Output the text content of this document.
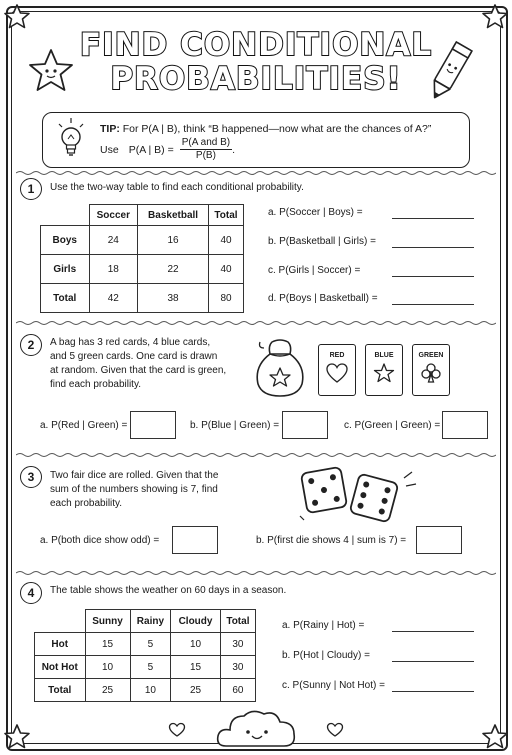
FIND CONDITIONAL
PROBABILITIES!
TIP: For P(A | B), think “B happened—now what are the chances of A?”
Use P(A | B) =
P(A and B)
P(B)	.
1	Use the two-way table to find each conditional probability.
	Soccer	Basketball	Total
Boys	24	16	40
Girls	18	22	40
Total	42	38	80
a. P(Soccer | Boys) =
b. P(Basketball | Girls) =
c. P(Girls | Soccer) =
d. P(Boys | Basketball) =
2	A bag has 3 red cards, 4 blue cards,
and 5 green cards. One card is drawn
at random. Given that the card is green,
find each probability.
RED	BLUE	GREEN
a. P(Red | Green) =	b. P(Blue | Green) =	c. P(Green | Green) =
3	Two fair dice are rolled. Given that the
sum of the numbers showing is 7, find
each probability.
a. P(both dice show odd) =	b. P(first die shows 4 | sum is 7) =
4	The table shows the weather on 60 days in a season.
	Sunny	Rainy	Cloudy	Total
Hot	15	5	10	30
Not Hot	10	5	15	30
Total	25	10	25	60
a. P(Rainy | Hot) =
b. P(Hot | Cloudy) =
c. P(Sunny | Not Hot) =
